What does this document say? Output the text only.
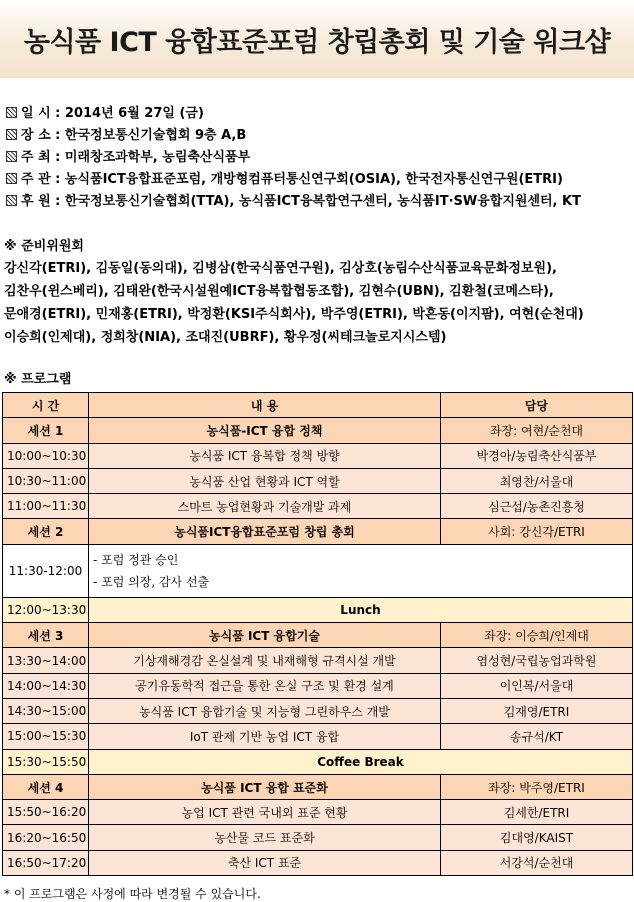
농식품 ICT 융합표준포럼 창립총회 및 기술 워크샵
일 시 : 2014년 6월 27일 (금)
장 소 : 한국정보통신기술협회 9층 A,B
주 최 : 미래창조과학부, 농림축산식품부
주 관 : 농식품ICT융합표준포럼, 개방형컴퓨터통신연구회(OSIA), 한국전자통신연구원(ETRI)
후 원 : 한국정보통신기술협회(TTA), 농식품ICT융복합연구센터, 농식품IT·SW융합지원센터, KT
※ 준비위원회
강신각(ETRI), 김동일(동의대), 김병삼(한국식품연구원), 김상호(농림수산식품교육문화정보원),
김찬우(윈스베리), 김태완(한국시설원예ICT융복합협동조합), 김현수(UBN), 김환철(코메스타),
문애경(ETRI), 민재홍(ETRI), 박정환(KSI주식회사), 박주영(ETRI), 박흔동(이지팜), 여현(순천대)
이승희(인제대), 정희창(NIA), 조대진(UBRF), 황우정(씨테크놀로지시스템)
※ 프로그램
시 간	내 용	담당
세션 1	농식품-ICT 융합 정책	좌장: 여현/순천대
10:00~10:30	농식품 ICT 융복합 정책 방향	박경아/농림축산식품부
10:30~11:00	농식품 산업 현황과 ICT 역할	최영찬/서울대
11:00~11:30	스마트 농업현황과 기술개발 과제	심근섭/농촌진흥청
세션 2	농식품ICT융합표준포럼 창립 총회	사회: 강신각/ETRI
11:30-12:00	- 포럼 정관 승인
- 포럼 의장, 감사 선출	

12:00~13:30	Lunch	
세션 3	농식품 ICT 융합기술	좌장: 이승희/인제대
13:30~14:00	기상재해경감 온실설계 및 내재해형 규격시설 개발	염성현/국립농업과학원
14:00~14:30	공기유동학적 접근을 통한 온실 구조 및 환경 설계	이인복/서울대
14:30~15:00	농식품 ICT 융합기술 및 지능형 그린하우스 개발	김재영/ETRI
15:00~15:30	IoT 관제 기반 농업 ICT 융합	송규석/KT
15:30~15:50	Coffee Break	
세션 4	농식품 ICT 융합 표준화	좌장: 박주영/ETRI
15:50~16:20	농업 ICT 관련 국내외 표준 현황	김세한/ETRI
16:20~16:50	농산물 코드 표준화	김대영/KAIST
16:50~17:20	축산 ICT 표준	서강석/순천대
* 이 프로그램은 사정에 따라 변경될 수 있습니다.
